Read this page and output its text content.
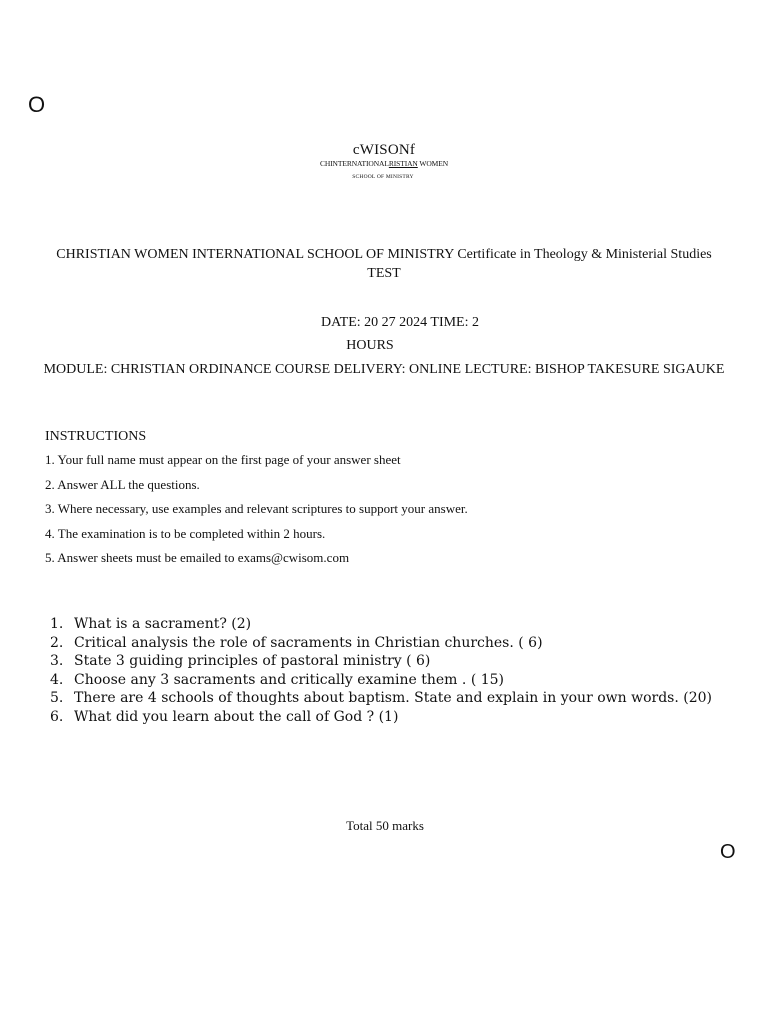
O
cWISONf
CHINTERNATIONALRISTIAN WOMEN
SCHOOL OF MINISTRY
CHRISTIAN WOMEN INTERNATIONAL SCHOOL OF MINISTRY Certificate in Theology & Ministerial Studies TEST
DATE: 20 27 2024 TIME: 2
HOURS
MODULE: CHRISTIAN ORDINANCE COURSE DELIVERY: ONLINE LECTURE: BISHOP TAKESURE SIGAUKE
INSTRUCTIONS
1. Your full name must appear on the first page of your answer sheet
2. Answer ALL the questions.
3. Where necessary, use examples and relevant scriptures to support your answer.
4. The examination is to be completed within 2 hours.
5. Answer sheets must be emailed to exams@cwisom.com
1. What is a sacrament? (2)
2. Critical analysis the role of sacraments in Christian churches. ( 6)
3. State 3 guiding principles of pastoral ministry ( 6)
4. Choose any 3 sacraments and critically examine them . ( 15)
5. There are 4 schools of thoughts about baptism. State and explain in your own words. (20)
6. What did you learn about the call of God ? (1)
Total 50 marks
O
